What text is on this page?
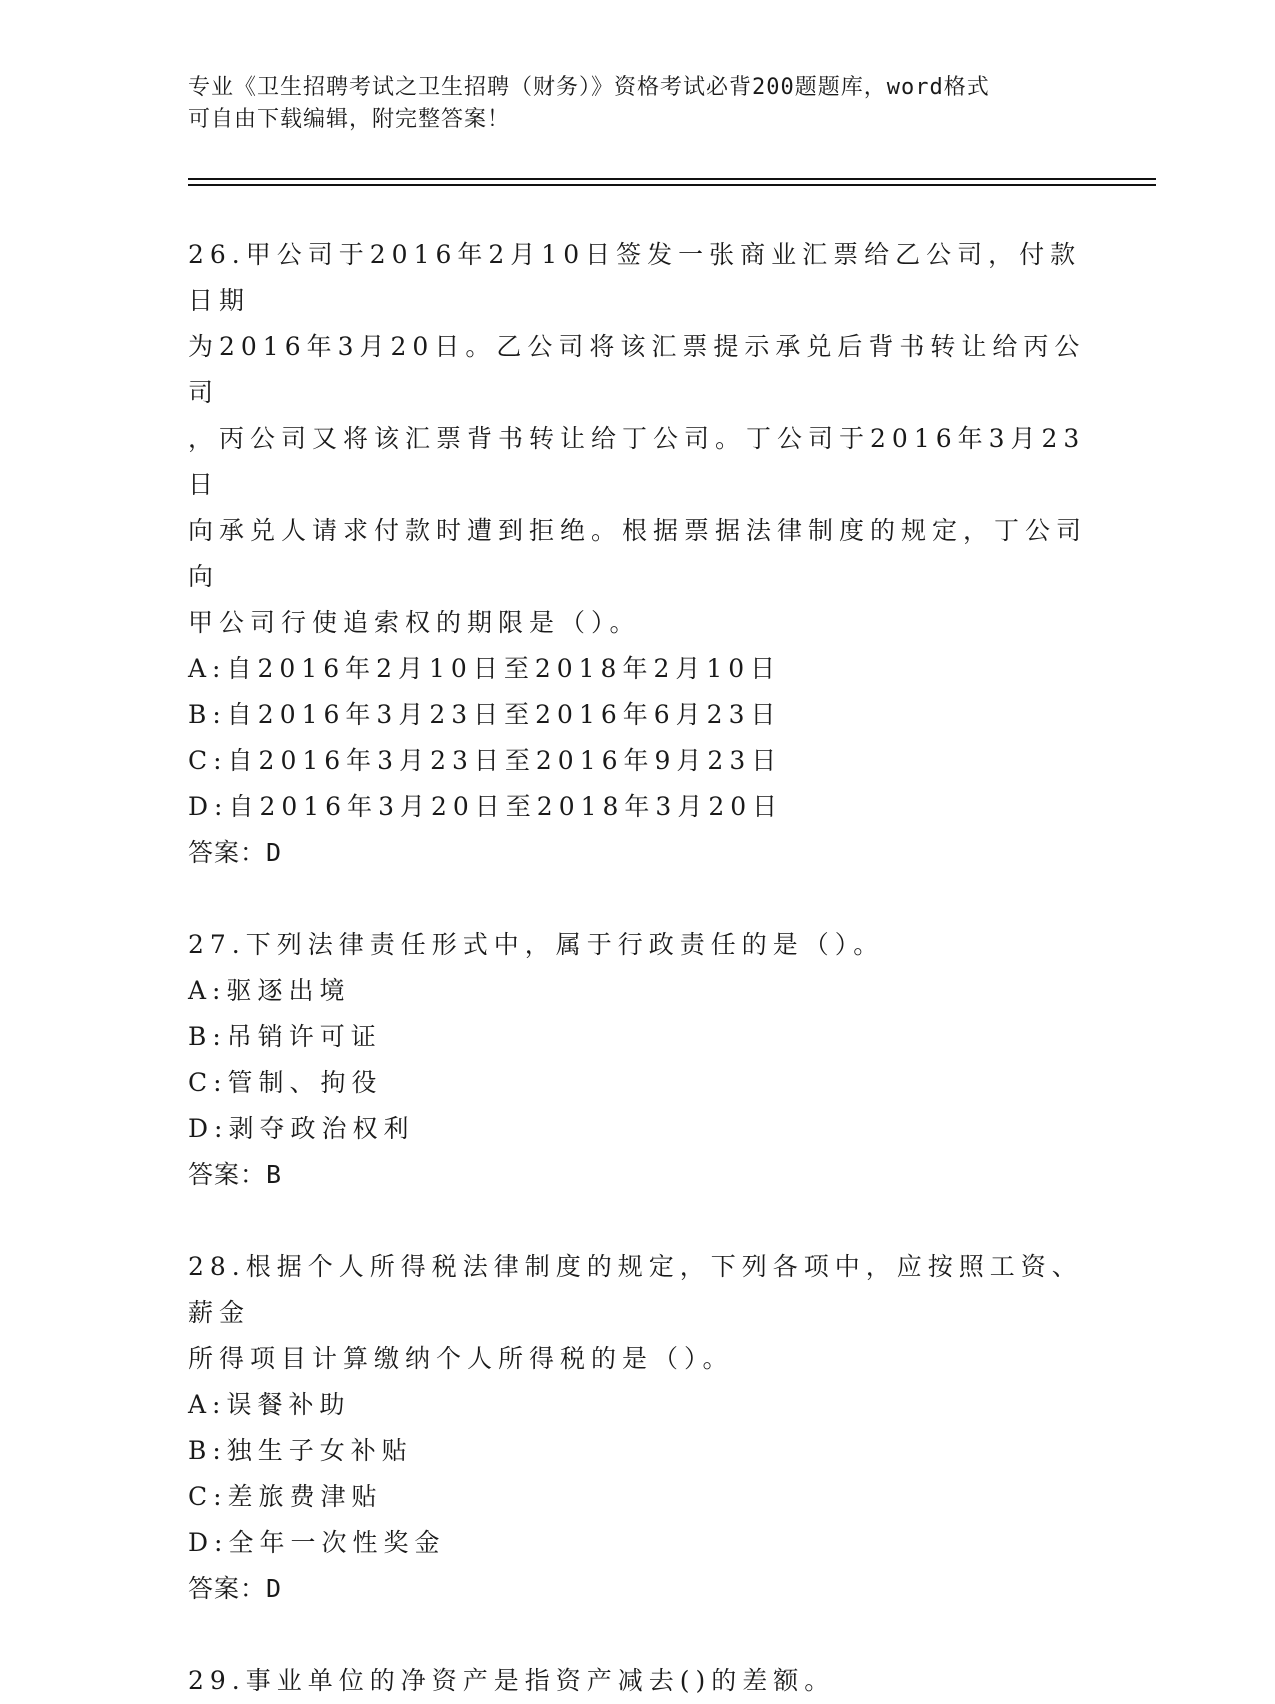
专业《卫生招聘考试之卫生招聘（财务）》资格考试必背200题题库，word格式
可自由下载编辑，附完整答案！

26.甲公司于2016年2月10日签发一张商业汇票给乙公司，付款日期

为2016年3月20日。乙公司将该汇票提示承兑后背书转让给丙公司

，丙公司又将该汇票背书转让给丁公司。丁公司于2016年3月23日

向承兑人请求付款时遭到拒绝。根据票据法律制度的规定，丁公司向

甲公司行使追索权的期限是（）。

A:自2016年2月10日至2018年2月10日

B:自2016年3月23日至2016年6月23日

C:自2016年3月23日至2016年9月23日

D:自2016年3月20日至2018年3月20日

答案：D

27.下列法律责任形式中，属于行政责任的是（）。

A:驱逐出境

B:吊销许可证

C:管制、拘役

D:剥夺政治权利

答案：B

28.根据个人所得税法律制度的规定，下列各项中，应按照工资、薪金

所得项目计算缴纳个人所得税的是（）。

A:误餐补助

B:独生子女补贴

C:差旅费津贴

D:全年一次性奖金

答案：D

29.事业单位的净资产是指资产减去()的差额。
